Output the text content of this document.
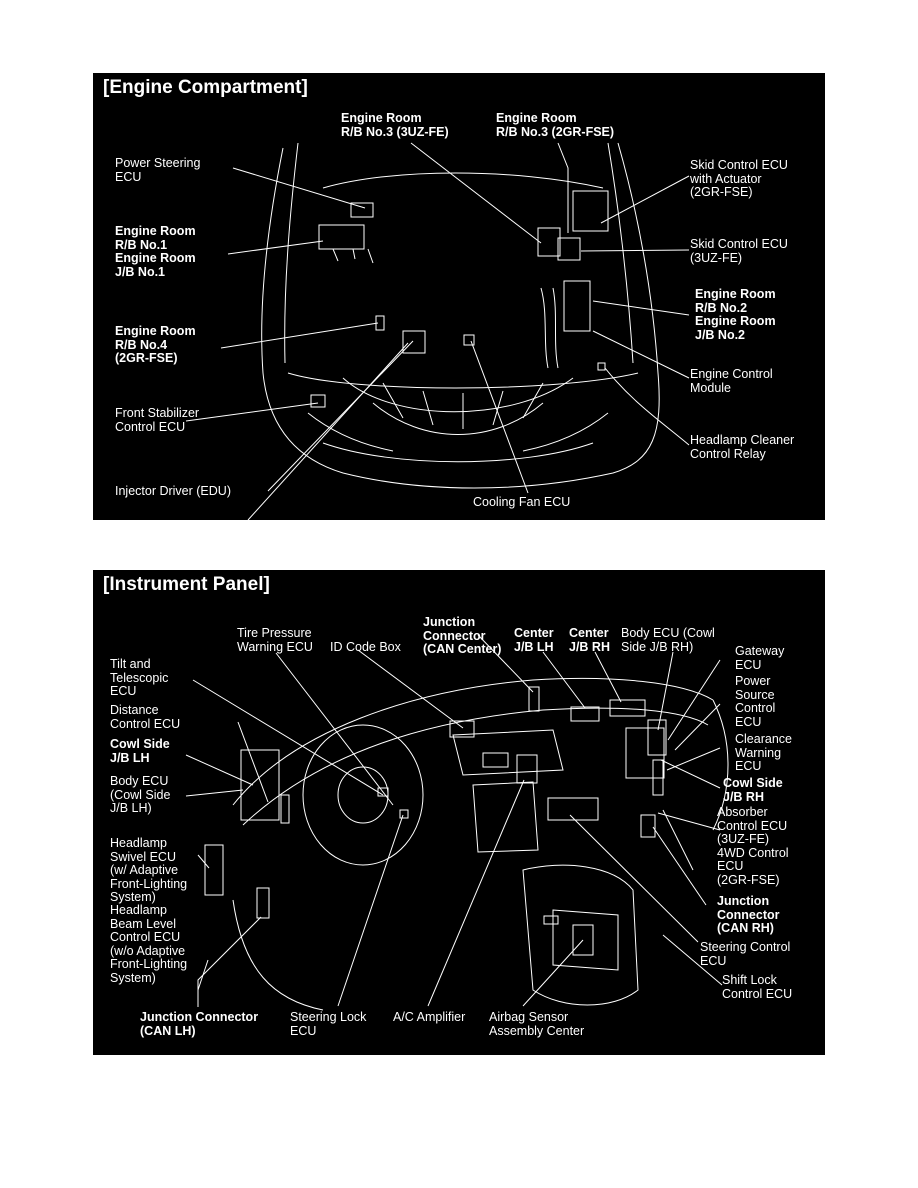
[Engine Compartment]
Engine Room
R/B No.3 (3UZ-FE)
Engine Room
R/B No.3 (2GR-FSE)
Power Steering
ECU
Engine Room
R/B No.1
Engine Room
J/B No.1
Engine Room
R/B No.4
(2GR-FSE)
Front Stabilizer
Control ECU
Injector Driver (EDU)
Cooling Fan ECU
Skid Control ECU
with Actuator
(2GR-FSE)
Skid Control ECU
(3UZ-FE)
Engine Room
R/B No.2
Engine Room
J/B No.2
Engine Control
Module
Headlamp Cleaner
Control Relay
[Instrument Panel]
Tire Pressure
Warning ECU ID Code Box
Junction
Connector
(CAN Center)
Center
J/B LH
Center
J/B RH
Body ECU (Cowl
Side J/B RH)	Gateway
ECU
Power
Source
Control
ECU
Clearance
Warning
ECU
Cowl Side
J/B RH
Absorber
Control ECU
(3UZ-FE)
4WD Control
ECU
(2GR-FSE)
Junction
Connector
(CAN RH)
Steering Control
ECU
Shift Lock
Control ECU
Tilt and
Telescopic
ECU
Distance
Control ECU
Cowl Side
J/B LH
Body ECU
(Cowl Side
J/B LH)
Headlamp
Swivel ECU
(w/ Adaptive
Front-Lighting
System)
Headlamp
Beam Level
Control ECU
(w/o Adaptive
Front-Lighting
System)
Junction Connector
(CAN LH)
Steering Lock
ECU
A/C Amplifier Airbag Sensor
Assembly Center
